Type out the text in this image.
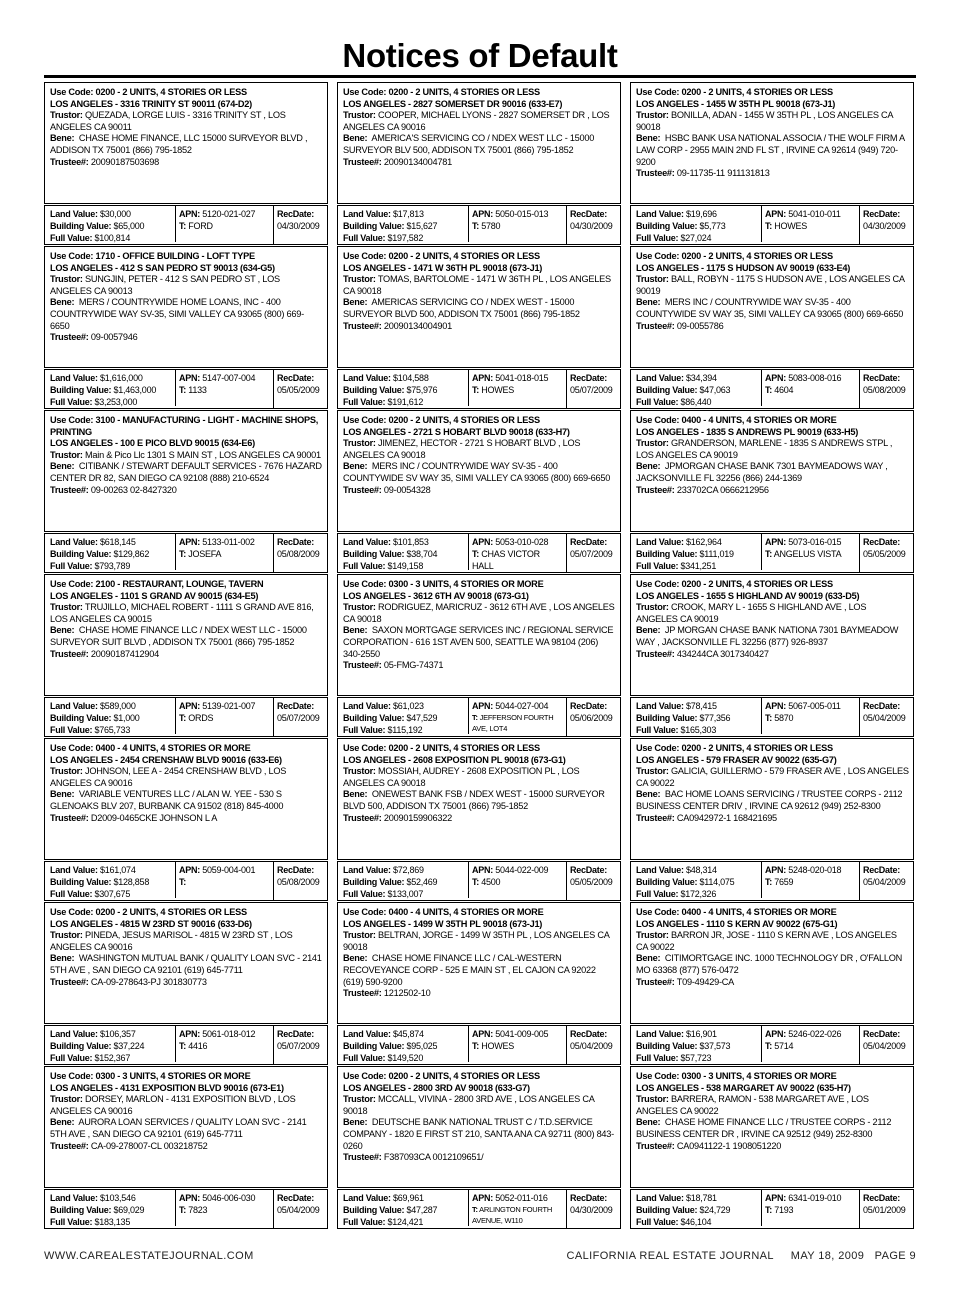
Notices of Default
Use Code: 0200 - 2 UNITS, 4 STORIES OR LESS
LOS ANGELES - 3316 TRINITY ST 90011 (674-D2)
Trustor: QUEZADA, LORGE LUIS - 3316 TRINITY ST , LOS ANGELES CA 90011
Bene: CHASE HOME FINANCE, LLC 15000 SURVEYOR BLVD , ADDISON TX 75001 (866) 795-1852
Trustee#: 20090187503698
Land Value: $30,000
Building Value: $65,000
Full Value: $100,814
APN: 5120-021-027
T: FORD
RecDate:
04/30/2009
Use Code: 0200 - 2 UNITS, 4 STORIES OR LESS
LOS ANGELES - 2827 SOMERSET DR 90016 (633-E7)
Trustor: COOPER, MICHAEL LYONS - 2827 SOMERSET DR , LOS ANGELES CA 90016
Bene: AMERICA'S SERVICING CO / NDEX WEST LLC - 15000 SURVEYOR BLV 500, ADDISON TX 75001 (866) 795-1852
Trustee#: 20090134004781
Land Value: $17,813
Building Value: $15,627
Full Value: $197,582
APN: 5050-015-013
T: 5780
RecDate:
04/30/2009
Use Code: 0200 - 2 UNITS, 4 STORIES OR LESS
LOS ANGELES - 1455 W 35TH PL 90018 (673-J1)
Trustor: BONILLA, ADAN - 1455 W 35TH PL , LOS ANGELES CA 90018
Bene: HSBC BANK USA NATIONAL ASSOCIA / THE WOLF FIRM A LAW CORP - 2955 MAIN 2ND FL ST , IRVINE CA 92614 (949) 720-9200
Trustee#: 09-11735-11 911131813
Land Value: $19,696
Building Value: $5,773
Full Value: $27,024
APN: 5041-010-011
T: HOWES
RecDate:
04/30/2009
Use Code: 1710 - OFFICE BUILDING - LOFT TYPE
LOS ANGELES - 412 S SAN PEDRO ST 90013 (634-G5)
Trustor: SUNGJIN, PETER - 412 S SAN PEDRO ST , LOS ANGELES CA 90013
Bene: MERS / COUNTRYWIDE HOME LOANS, INC - 400 COUNTRYWIDE WAY SV-35, SIMI VALLEY CA 93065 (800) 669-6650
Trustee#: 09-0057946
Land Value: $1,616,000
Building Value: $1,463,000
Full Value: $3,253,000
APN: 5147-007-004
T: 1133
RecDate:
05/05/2009
Use Code: 0200 - 2 UNITS, 4 STORIES OR LESS
LOS ANGELES - 1471 W 36TH PL 90018 (673-J1)
Trustor: TOMAS, BARTOLOME - 1471 W 36TH PL , LOS ANGELES CA 90018
Bene: AMERICAS SERVICING CO / NDEX WEST - 15000 SURVEYOR BLVD 500, ADDISON TX 75001 (866) 795-1852
Trustee#: 20090134004901
Land Value: $104,588
Building Value: $75,976
Full Value: $191,612
APN: 5041-018-015
T: HOWES
RecDate:
05/07/2009
Use Code: 0200 - 2 UNITS, 4 STORIES OR LESS
LOS ANGELES - 1175 S HUDSON AV 90019 (633-E4)
Trustor: BALL, ROBYN - 1175 S HUDSON AVE , LOS ANGELES CA 90019
Bene: MERS INC / COUNTRYWIDE WAY SV-35 - 400 COUNTYWIDE SV WAY 35, SIMI VALLEY CA 93065 (800) 669-6650
Trustee#: 09-0055786
Land Value: $34,394
Building Value: $47,063
Full Value: $86,440
APN: 5083-008-016
T: 4604
RecDate:
05/08/2009
Use Code: 3100 - MANUFACTURING - LIGHT - MACHINE SHOPS, PRINTING
LOS ANGELES - 100 E PICO BLVD 90015 (634-E6)
Trustor: Main & Pico Llc 1301 S MAIN ST , LOS ANGELES CA 90001
Bene: CITIBANK / STEWART DEFAULT SERVICES - 7676 HAZARD CENTER DR 82, SAN DIEGO CA 92108 (888) 210-6524
Trustee#: 09-00263 02-8427320
Land Value: $618,145
Building Value: $129,862
Full Value: $793,789
APN: 5133-011-002
T: JOSEFA
RecDate:
05/08/2009
Use Code: 0200 - 2 UNITS, 4 STORIES OR LESS
LOS ANGELES - 2721 S HOBART BLVD 90018 (633-H7)
Trustor: JIMENEZ, HECTOR - 2721 S HOBART BLVD , LOS ANGELES CA 90018
Bene: MERS INC / COUNTRYWIDE WAY SV-35 - 400 COUNTYWIDE SV WAY 35, SIMI VALLEY CA 93065 (800) 669-6650
Trustee#: 09-0054328
Land Value: $101,853
Building Value: $38,704
Full Value: $149,158
APN: 5053-010-028
T: CHAS VICTOR HALL
RecDate:
05/07/2009
Use Code: 0400 - 4 UNITS, 4 STORIES OR MORE
LOS ANGELES - 1835 S ANDREWS PL 90019 (633-H5)
Trustor: GRANDERSON, MARLENE - 1835 S ANDREWS STPL , LOS ANGELES CA 90019
Bene: JPMORGAN CHASE BANK 7301 BAYMEADOWS WAY , JACKSONVILLE FL 32256 (866) 244-1369
Trustee#: 233702CA 0666212956
Land Value: $162,964
Building Value: $111,019
Full Value: $341,251
APN: 5073-016-015
T: ANGELUS VISTA
RecDate:
05/05/2009
Use Code: 2100 - RESTAURANT, LOUNGE, TAVERN
LOS ANGELES - 1101 S GRAND AV 90015 (634-E5)
Trustor: TRUJILLO, MICHAEL ROBERT - 1111 S GRAND AVE 816, LOS ANGELES CA 90015
Bene: CHASE HOME FINANCE LLC / NDEX WEST LLC - 15000 SURVEYOR SUIT BLVD , ADDISON TX 75001 (866) 795-1852
Trustee#: 20090187412904
Land Value: $589,000
Building Value: $1,000
Full Value: $765,733
APN: 5139-021-007
T: ORDS
RecDate:
05/07/2009
Use Code: 0300 - 3 UNITS, 4 STORIES OR MORE
LOS ANGELES - 3612 6TH AV 90018 (673-G1)
Trustor: RODRIGUEZ, MARICRUZ - 3612 6TH AVE , LOS ANGELES CA 90018
Bene: SAXON MORTGAGE SERVICES INC / REGIONAL SERVICE CORPORATION - 616 1ST AVEN 500, SEATTLE WA 98104 (206) 340-2550
Trustee#: 05-FMG-74371
Land Value: $61,023
Building Value: $47,529
Full Value: $115,192
APN: 5044-027-004
T: JEFFERSON FOURTH AVE, LOT4
RecDate:
05/06/2009
Use Code: 0200 - 2 UNITS, 4 STORIES OR LESS
LOS ANGELES - 1655 S HIGHLAND AV 90019 (633-D5)
Trustor: CROOK, MARY L - 1655 S HIGHLAND AVE , LOS ANGELES CA 90019
Bene: JP MORGAN CHASE BANK NATIONA 7301 BAYMEADOW WAY , JACKSONVILLE FL 32256 (877) 926-8937
Trustee#: 434244CA 3017340427
Land Value: $78,415
Building Value: $77,356
Full Value: $165,303
APN: 5067-005-011
T: 5870
RecDate:
05/04/2009
Use Code: 0400 - 4 UNITS, 4 STORIES OR MORE
LOS ANGELES - 2454 CRENSHAW BLVD 90016 (633-E6)
Trustor: JOHNSON, LEE A - 2454 CRENSHAW BLVD , LOS ANGELES CA 90016
Bene: VARIABLE VENTURES LLC / ALAN W. YEE - 530 S GLENOAKS BLV 207, BURBANK CA 91502 (818) 845-4000
Trustee#: D2009-0465CKE JOHNSON L A
Land Value: $161,074
Building Value: $128,858
Full Value: $307,675
APN: 5059-004-001
T:
RecDate:
05/08/2009
Use Code: 0200 - 2 UNITS, 4 STORIES OR LESS
LOS ANGELES - 2608 EXPOSITION PL 90018 (673-G1)
Trustor: MOSSIAH, AUDREY - 2608 EXPOSITION PL , LOS ANGELES CA 90018
Bene: ONEWEST BANK FSB / NDEX WEST - 15000 SURVEYOR BLVD 500, ADDISON TX 75001 (866) 795-1852
Trustee#: 20090159906322
Land Value: $72,869
Building Value: $52,469
Full Value: $133,007
APN: 5044-022-009
T: 4500
RecDate:
05/05/2009
Use Code: 0200 - 2 UNITS, 4 STORIES OR LESS
LOS ANGELES - 579 FRASER AV 90022 (635-G7)
Trustor: GALICIA, GUILLERMO - 579 FRASER AVE , LOS ANGELES CA 90022
Bene: BAC HOME LOANS SERVICING / TRUSTEE CORPS - 2112 BUSINESS CENTER DRIV , IRVINE CA 92612 (949) 252-8300
Trustee#: CA0942972-1 168421695
Land Value: $48,314
Building Value: $114,075
Full Value: $172,326
APN: 5248-020-018
T: 7659
RecDate:
05/04/2009
Use Code: 0200 - 2 UNITS, 4 STORIES OR LESS
LOS ANGELES - 4815 W 23RD ST 90016 (633-D6)
Trustor: PINEDA, JESUS MARISOL - 4815 W 23RD ST , LOS ANGELES CA 90016
Bene: WASHINGTON MUTUAL BANK / QUALITY LOAN SVC - 2141 5TH AVE , SAN DIEGO CA 92101 (619) 645-7711
Trustee#: CA-09-278643-PJ 301830773
Land Value: $106,357
Building Value: $37,224
Full Value: $152,367
APN: 5061-018-012
T: 4416
RecDate:
05/07/2009
Use Code: 0400 - 4 UNITS, 4 STORIES OR MORE
LOS ANGELES - 1499 W 35TH PL 90018 (673-J1)
Trustor: BELTRAN, JORGE - 1499 W 35TH PL , LOS ANGELES CA 90018
Bene: CHASE HOME FINANCE LLC / CAL-WESTERN RECOVEYANCE CORP - 525 E MAIN ST , EL CAJON CA 92022 (619) 590-9200
Trustee#: 1212502-10
Land Value: $45,874
Building Value: $95,025
Full Value: $149,520
APN: 5041-009-005
T: HOWES
RecDate:
05/04/2009
Use Code: 0400 - 4 UNITS, 4 STORIES OR MORE
LOS ANGELES - 1110 S KERN AV 90022 (675-G1)
Trustor: BARRON JR, JOSE - 1110 S KERN AVE , LOS ANGELES CA 90022
Bene: CITIMORTGAGE INC. 1000 TECHNOLOGY DR , O'FALLON MO 63368 (877) 576-0472
Trustee#: T09-49429-CA
Land Value: $16,901
Building Value: $37,573
Full Value: $57,723
APN: 5246-022-026
T: 5714
RecDate:
05/04/2009
Use Code: 0300 - 3 UNITS, 4 STORIES OR MORE
LOS ANGELES - 4131 EXPOSITION BLVD 90016 (673-E1)
Trustor: DORSEY, MARLON - 4131 EXPOSITION BLVD , LOS ANGELES CA 90016
Bene: AURORA LOAN SERVICES / QUALITY LOAN SVC - 2141 5TH AVE , SAN DIEGO CA 92101 (619) 645-7711
Trustee#: CA-09-278007-CL 003218752
Land Value: $103,546
Building Value: $69,029
Full Value: $183,135
APN: 5046-006-030
T: 7823
RecDate:
05/04/2009
Use Code: 0200 - 2 UNITS, 4 STORIES OR LESS
LOS ANGELES - 2800 3RD AV 90018 (633-G7)
Trustor: MCCALL, VIVINA - 2800 3RD AVE , LOS ANGELES CA 90018
Bene: DEUTSCHE BANK NATIONAL TRUST C / T.D.SERVICE COMPANY - 1820 E FIRST ST 210, SANTA ANA CA 92711 (800) 843-0260
Trustee#: F387093CA 0012109651/
Land Value: $69,961
Building Value: $47,287
Full Value: $124,421
APN: 5052-011-016
T: ARLINGTON FOURTH AVENUE, W110
RecDate:
04/30/2009
Use Code: 0300 - 3 UNITS, 4 STORIES OR MORE
LOS ANGELES - 538 MARGARET AV 90022 (635-H7)
Trustor: BARRERA, RAMON - 538 MARGARET AVE , LOS ANGELES CA 90022
Bene: CHASE HOME FINANCE LLC / TRUSTEE CORPS - 2112 BUSINESS CENTER DR , IRVINE CA 92512 (949) 252-8300
Trustee#: CA0941122-1 1908051220
Land Value: $18,781
Building Value: $24,729
Full Value: $46,104
APN: 6341-019-010
T: 7193
RecDate:
05/01/2009
WWW.CAREALESTATEJOURNAL.COM	CALIFORNIA REAL ESTATE JOURNAL     MAY 18, 2009   PAGE 9
